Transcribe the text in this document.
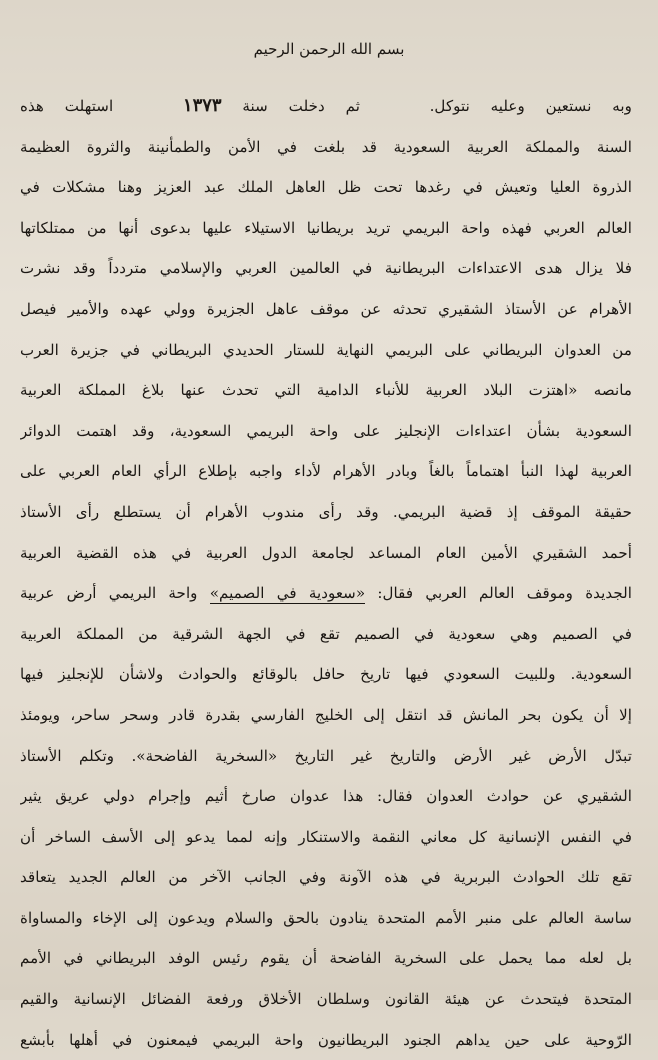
بسم الله الرحمن الرحيم
وبه نستعين وعليه نتوكل.  ثم دخلت سنة ١٣٧٣  استهلت هذه
السنة والمملكة العربية السعودية قد بلغت في الأمن والطمأنينة والثروة العظيمة
الذروة العليا وتعيش في رغدها تحت ظل العاهل الملك عبد العزيز وهنا مشكلات في
العالم العربي فهذه واحة البريمي تريد بريطانيا الاستيلاء عليها بدعوى أنها من ممتلكاتها
فلا يزال هدى الاعتداءات البريطانية في العالمين العربي والإسلامي متردداً وقد نشرت
الأهرام عن الأستاذ الشقيري تحدثه عن موقف عاهل الجزيرة وولي عهده والأمير فيصل
من العدوان البريطاني على البريمي النهاية للستار الحديدي البريطاني في جزيرة العرب
مانصه «اهتزت البلاد العربية للأنباء الدامية التي تحدث عنها بلاغ المملكة العربية
السعودية بشأن اعتداءات الإنجليز على واحة البريمي السعودية، وقد اهتمت الدوائر
العربية لهذا النبأ اهتماماً بالغاً وبادر الأهرام لأداء واجبه بإطلاع الرأي العام العربي على
حقيقة الموقف إذ قضية البريمي. وقد رأى مندوب الأهرام أن يستطلع رأى الأستاذ
أحمد الشقيري الأمين العام المساعد لجامعة الدول العربية في هذه القضية العربية
الجديدة وموقف العالم العربي فقال: «سعودية في الصميم» واحة البريمي أرض عربية
في الصميم وهي سعودية في الصميم تقع في الجهة الشرقية من المملكة العربية
السعودية. وللبيت السعودي فيها تاريخ حافل بالوقائع والحوادث ولاشأن للإنجليز فيها
إلا أن يكون بحر المانش قد انتقل إلى الخليج الفارسي بقدرة قادر وسحر ساحر، ويومئذ
تبدّل الأرض غير الأرض والتاريخ غير التاريخ «السخرية الفاضحة». وتكلم الأستاذ
الشقيري عن حوادث العدوان فقال: هذا عدوان صارخ أثيم وإجرام دولي عريق يثير
في النفس الإنسانية كل معاني النقمة والاستنكار وإنه لمما يدعو إلى الأسف الساخر أن
تقع تلك الحوادث البربرية في هذه الآونة وفي الجانب الآخر من العالم الجديد يتعاقد
ساسة العالم على منبر الأمم المتحدة ينادون بالحق والسلام ويدعون إلى الإخاء والمساواة
بل لعله مما يحمل على السخرية الفاضحة أن يقوم رئيس الوفد البريطاني في الأمم
المتحدة فيتحدث عن هيئة القانون وسلطان الأخلاق ورفعة الفضائل الإنسانية والقيم
الرّوحية على حين يداهم الجنود البريطانيون واحة البريمي فيمعنون في أهلها بأبشع
